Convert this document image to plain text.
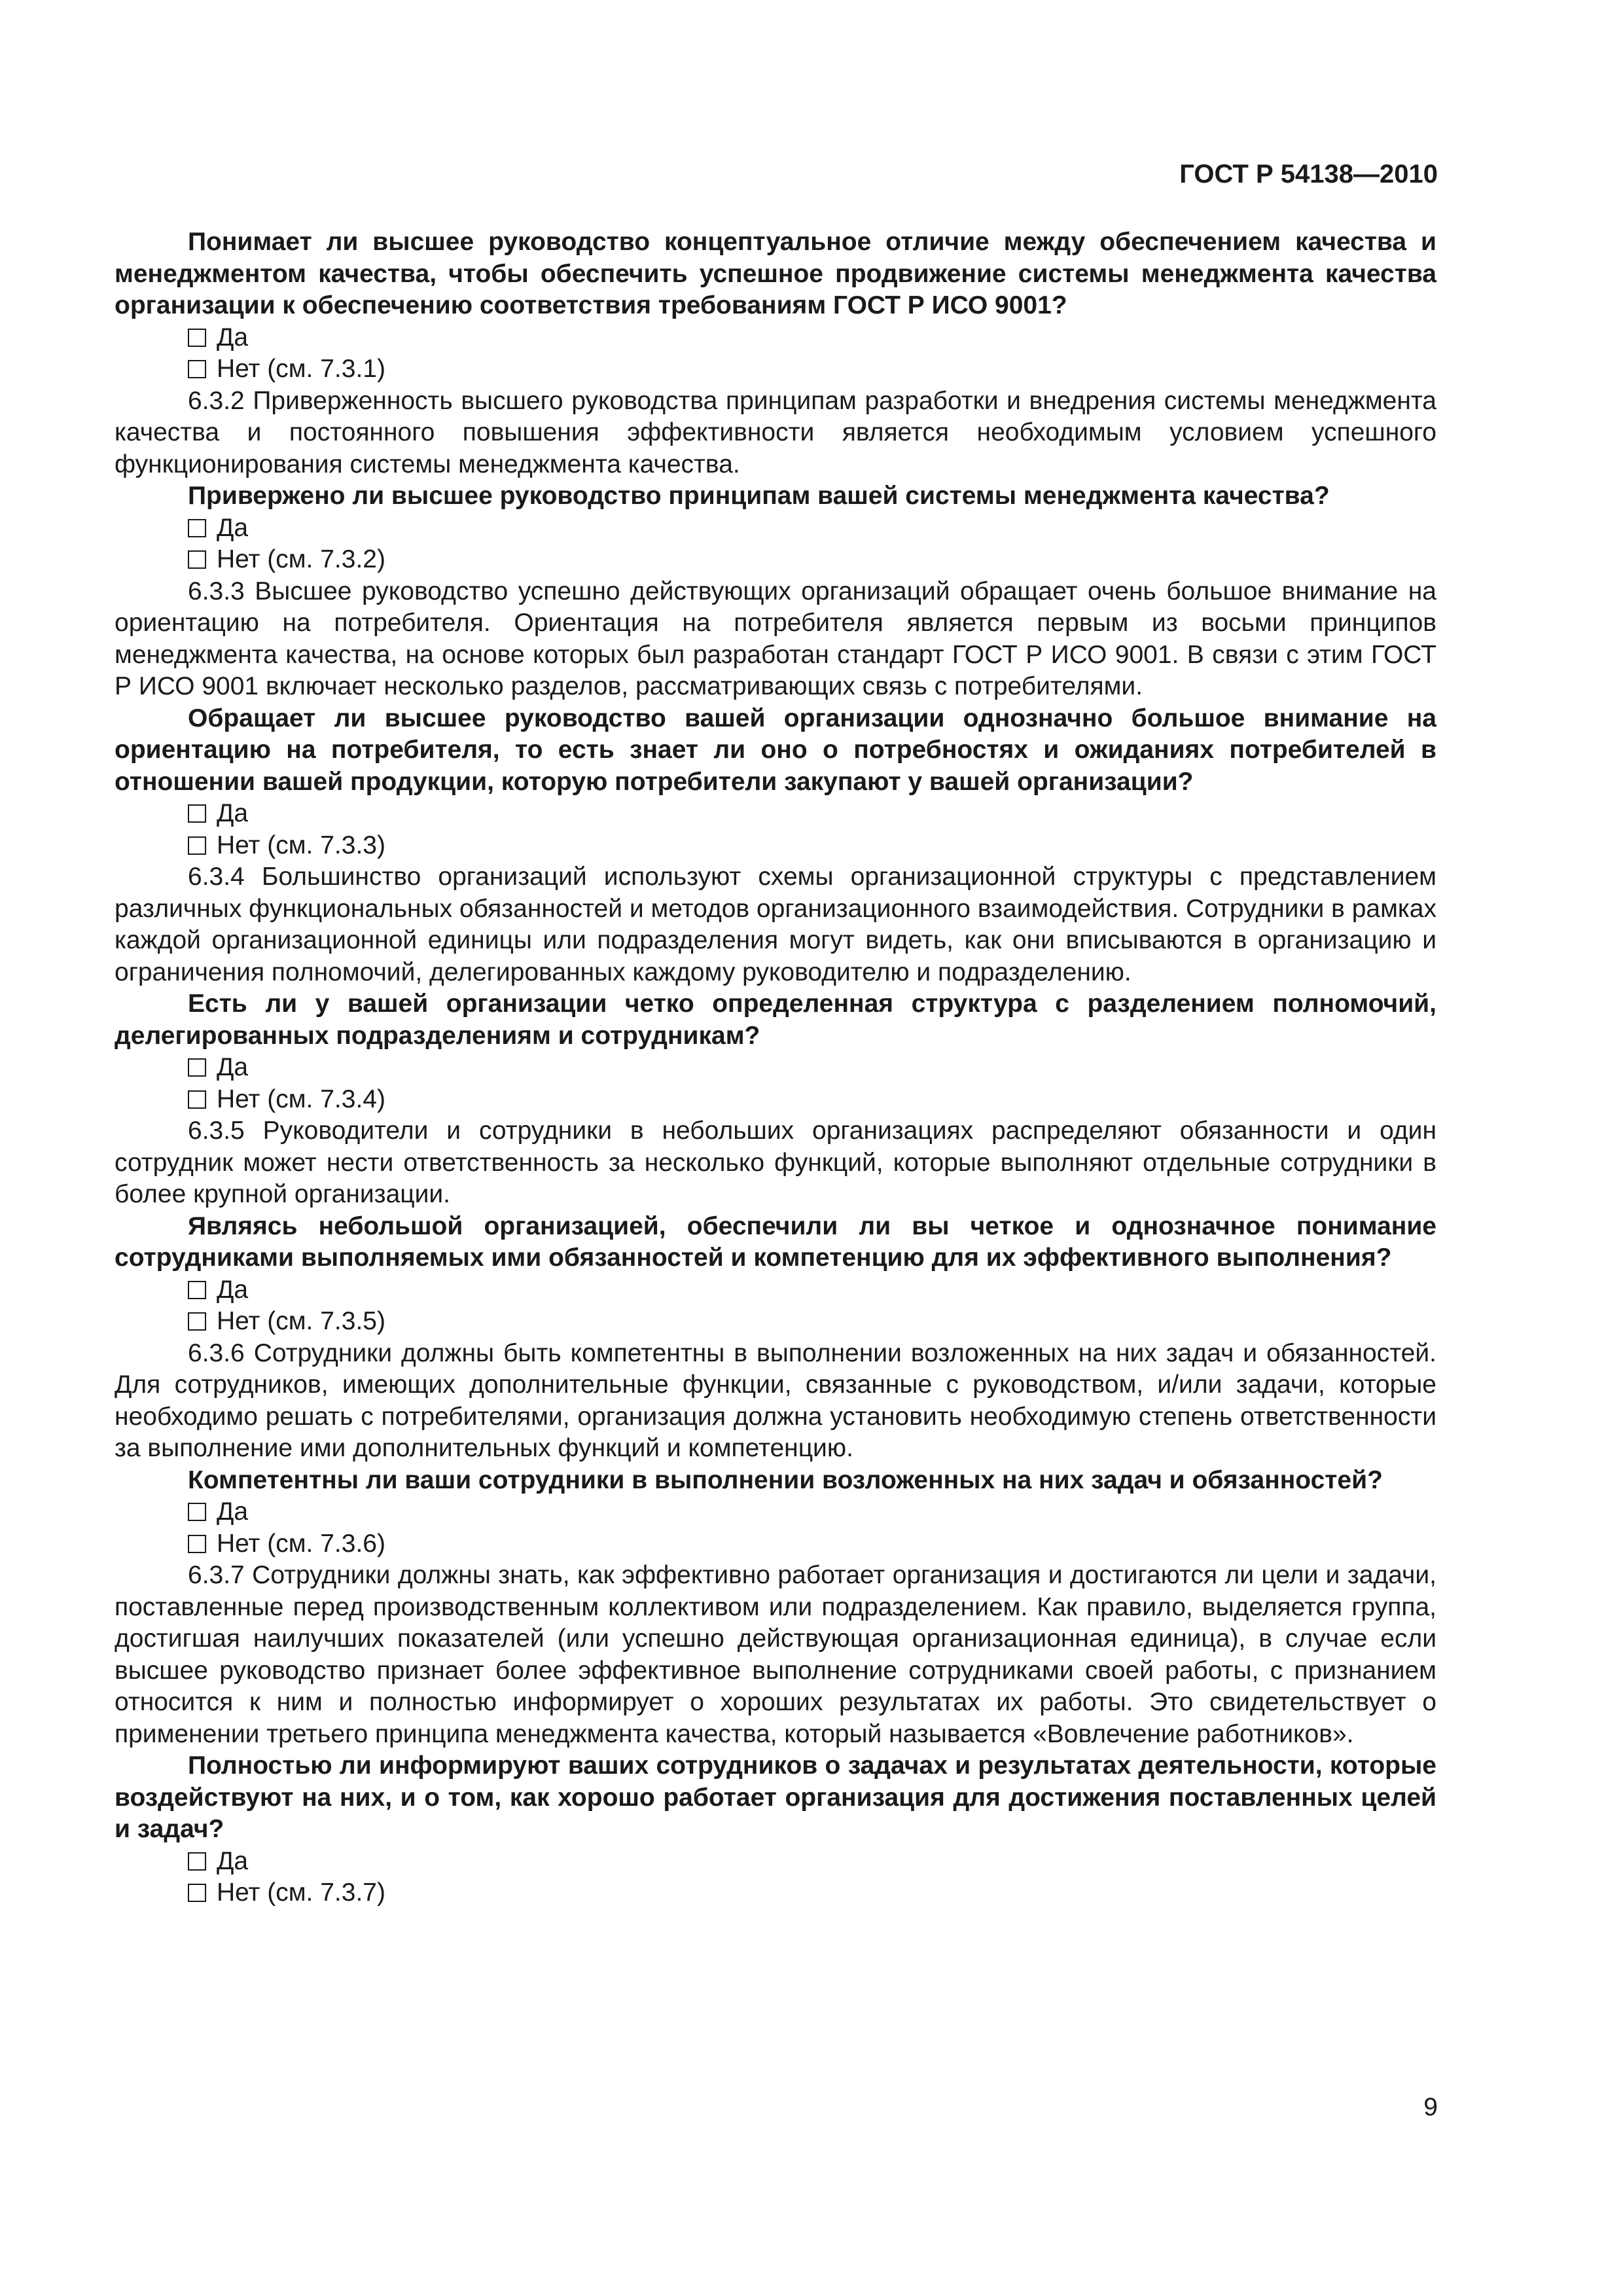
ГОСТ Р 54138—2010

Понимает ли высшее руководство концептуальное отличие между обеспечением качества и менеджментом качества, чтобы обеспечить успешное продвижение системы менеджмента качества организации к обеспечению соответствия требованиям ГОСТ Р ИСО 9001?

Да
Нет (см. 7.3.1)

6.3.2 Приверженность высшего руководства принципам разработки и внедрения системы менеджмента качества и постоянного повышения эффективности является необходимым условием успешного функционирования системы менеджмента качества.

Привержено ли высшее руководство принципам вашей системы менеджмента качества?

Да
Нет (см. 7.3.2)

6.3.3 Высшее руководство успешно действующих организаций обращает очень большое внимание на ориентацию на потребителя. Ориентация на потребителя является первым из восьми принципов менеджмента качества, на основе которых был разработан стандарт ГОСТ Р ИСО 9001. В связи с этим ГОСТ Р ИСО 9001 включает несколько разделов, рассматривающих связь с потребителями.

Обращает ли высшее руководство вашей организации однозначно большое внимание на ориентацию на потребителя, то есть знает ли оно о потребностях и ожиданиях потребителей в отношении вашей продукции, которую потребители закупают у вашей организации?

Да
Нет (см. 7.3.3)

6.3.4 Большинство организаций используют схемы организационной структуры с представлением различных функциональных обязанностей и методов организационного взаимодействия. Сотрудники в рамках каждой организационной единицы или подразделения могут видеть, как они вписываются в организацию и ограничения полномочий, делегированных каждому руководителю и подразделению.

Есть ли у вашей организации четко определенная структура с разделением полномочий, делегированных подразделениям и сотрудникам?

Да
Нет (см. 7.3.4)

6.3.5 Руководители и сотрудники в небольших организациях распределяют обязанности и один сотрудник может нести ответственность за несколько функций, которые выполняют отдельные сотрудники в более крупной организации.

Являясь небольшой организацией, обеспечили ли вы четкое и однозначное понимание сотрудниками выполняемых ими обязанностей и компетенцию для их эффективного выполнения?

Да
Нет (см. 7.3.5)

6.3.6 Сотрудники должны быть компетентны в выполнении возложенных на них задач и обязанностей. Для сотрудников, имеющих дополнительные функции, связанные с руководством, и/или задачи, которые необходимо решать с потребителями, организация должна установить необходимую степень ответственности за выполнение ими дополнительных функций и компетенцию.

Компетентны ли ваши сотрудники в выполнении возложенных на них задач и обязанностей?

Да
Нет (см. 7.3.6)

6.3.7 Сотрудники должны знать, как эффективно работает организация и достигаются ли цели и задачи, поставленные перед производственным коллективом или подразделением. Как правило, выделяется группа, достигшая наилучших показателей (или успешно действующая организационная единица), в случае если высшее руководство признает более эффективное выполнение сотрудниками своей работы, с признанием относится к ним и полностью информирует о хороших результатах их работы. Это свидетельствует о применении третьего принципа менеджмента качества, который называется «Вовлечение работников».

Полностью ли информируют ваших сотрудников о задачах и результатах деятельности, которые воздействуют на них, и о том, как хорошо работает организация для достижения поставленных целей и задач?

Да
Нет (см. 7.3.7)
9
